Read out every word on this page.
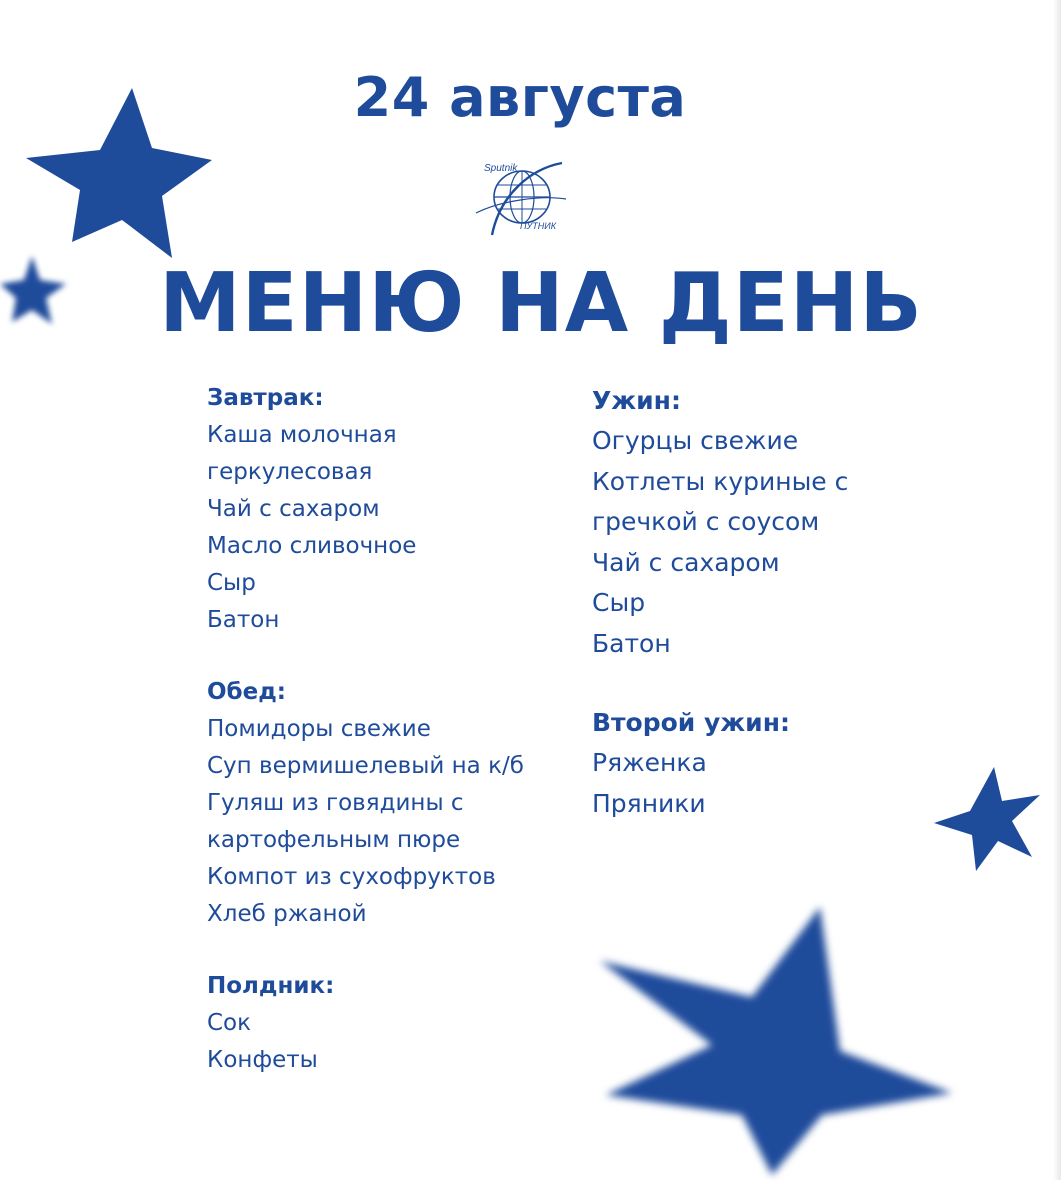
24 августа
Sputnik
ПУТНИК
МЕНЮ НА ДЕНЬ

Завтрак:

Каша молочная

геркулесовая

Чай с сахаром

Масло сливочное

Сыр

Батон

Обед:

Помидоры свежие

Суп вермишелевый на к/б

Гуляш из говядины с

картофельным пюре

Компот из сухофруктов

Хлеб ржаной

Полдник:

Сок

Конфеты

Ужин:

Огурцы свежие

Котлеты куриные с

гречкой с соусом

Чай с сахаром

Сыр

Батон

Второй ужин:

Ряженка

Пряники
